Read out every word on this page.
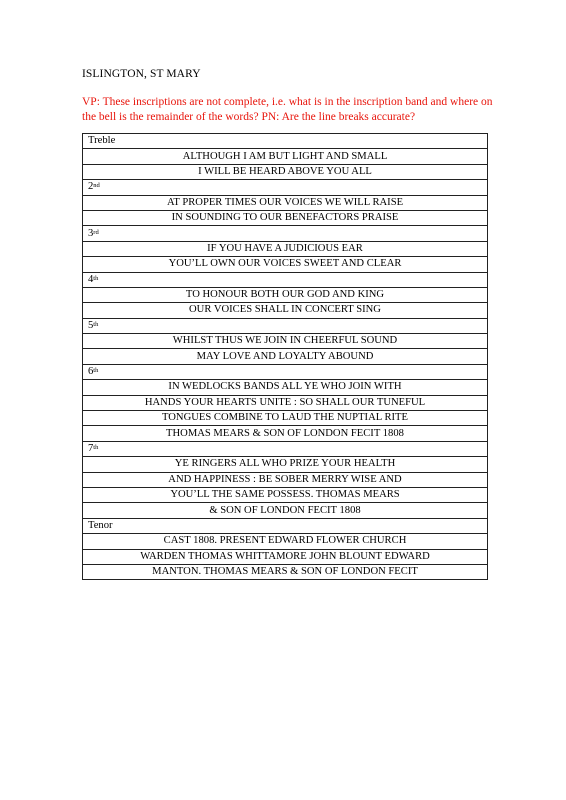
ISLINGTON, ST MARY
VP: These inscriptions are not complete, i.e. what is in the inscription band and where on the bell is the remainder of the words? PN: Are the line breaks accurate?
Treble
ALTHOUGH I AM BUT LIGHT AND SMALL
I WILL BE HEARD ABOVE YOU ALL
2nd
AT PROPER TIMES OUR VOICES WE WILL RAISE
IN SOUNDING TO OUR BENEFACTORS PRAISE
3rd
IF YOU HAVE A JUDICIOUS EAR
YOU’LL OWN OUR VOICES SWEET AND CLEAR
4th
TO HONOUR BOTH OUR GOD AND KING
OUR VOICES SHALL IN CONCERT SING
5th
WHILST THUS WE JOIN IN CHEERFUL SOUND
MAY LOVE AND LOYALTY ABOUND
6th
IN WEDLOCKS BANDS ALL YE WHO JOIN WITH
HANDS YOUR HEARTS UNITE : SO SHALL OUR TUNEFUL
TONGUES COMBINE TO LAUD THE NUPTIAL RITE
THOMAS MEARS & SON OF LONDON FECIT 1808
7th
YE RINGERS ALL WHO PRIZE YOUR HEALTH
AND HAPPINESS : BE SOBER MERRY WISE AND
YOU’LL THE SAME POSSESS. THOMAS MEARS
& SON OF LONDON FECIT 1808
Tenor
CAST 1808. PRESENT EDWARD FLOWER CHURCH
WARDEN THOMAS WHITTAMORE JOHN BLOUNT EDWARD
MANTON. THOMAS MEARS & SON OF LONDON FECIT
